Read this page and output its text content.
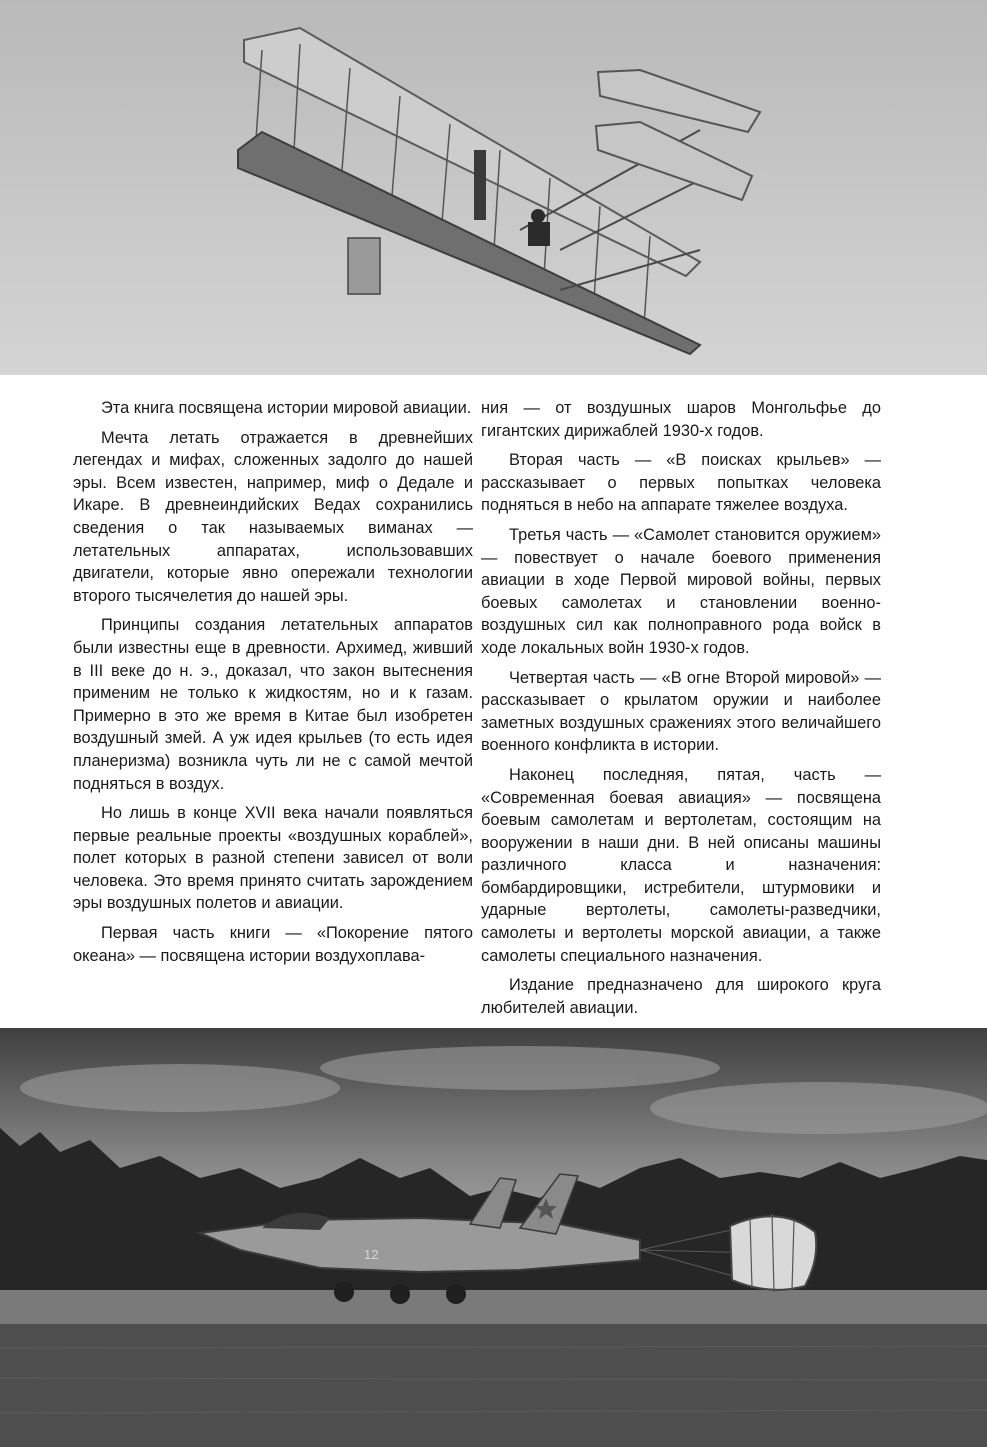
Эта книга посвящена истории мировой авиации.

Мечта летать отражается в древнейших легендах и мифах, сложенных задолго до нашей эры. Всем известен, например, миф о Дедале и Икаре. В древнеиндийских Ведах сохранились сведения о так называемых виманах — летательных аппаратах, использовавших двигатели, которые явно опережали технологии второго тысячелетия до нашей эры.

Принципы создания летательных аппаратов были известны еще в древности. Архимед, живший в III веке до н. э., доказал, что закон вытеснения применим не только к жидкостям, но и к газам. Примерно в это же время в Китае был изобретен воздушный змей. А уж идея крыльев (то есть идея планеризма) возникла чуть ли не с самой мечтой подняться в воздух.

Но лишь в конце XVII века начали появляться первые реальные проекты «воздушных кораблей», полет которых в разной степени зависел от воли человека. Это время принято считать зарождением эры воздушных полетов и авиации.

Первая часть книги — «Покорение пятого океана» — посвящена истории воздухоплава-

ния — от воздушных шаров Монгольфье до гигантских дирижаблей 1930-х годов.

Вторая часть — «В поисках крыльев» — рассказывает о первых попытках человека подняться в небо на аппарате тяжелее воздуха.

Третья часть — «Самолет становится оружием» — повествует о начале боевого применения авиации в ходе Первой мировой войны, первых боевых самолетах и становлении военно-воздушных сил как полноправного рода войск в ходе локальных войн 1930-х годов.

Четвертая часть — «В огне Второй мировой» — рассказывает о крылатом оружии и наиболее заметных воздушных сражениях этого величайшего военного конфликта в истории.

Наконец последняя, пятая, часть — «Современная боевая авиация» — посвящена боевым самолетам и вертолетам, состоящим на вооружении в наши дни. В ней описаны машины различного класса и назначения: бомбардировщики, истребители, штурмовики и ударные вертолеты, самолеты-разведчики, самолеты и вертолеты морской авиации, а также самолеты специального назначения.

Издание предназначено для широкого круга любителей авиации.

12
